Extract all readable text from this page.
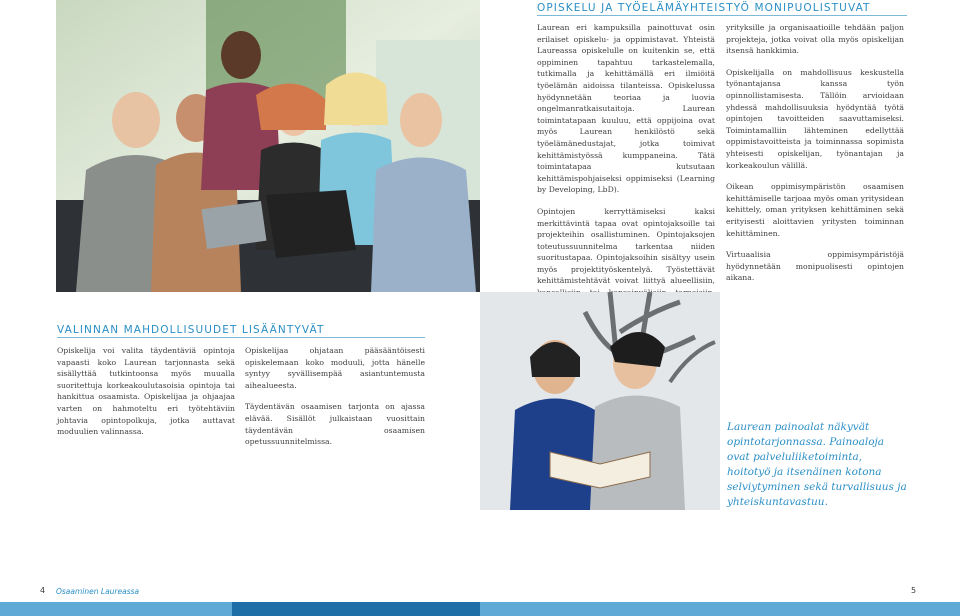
OPISKELU JA TYÖELÄMÄYHTEISTYÖ MONIPUOLISTUVAT

Laurean eri kampuksilla painottuvat osin erilaiset opiskelu- ja oppimistavat. Yhteistä Laureassa opiskelulle on kuitenkin se, että oppiminen tapahtuu tarkastelemalla, tutkimalla ja kehittämällä eri ilmiöitä työelämän aidoissa tilanteissa. Opiskelussa hyödynnetään teoriaa ja luovia ongelmanratkaisutaitoja. Laurean toimintatapaan kuuluu, että oppijoina ovat myös Laurean henkilöstö sekä työelämänedustajat, jotka toimivat kehittämistyössä kumppaneina. Tätä toimintatapaa kutsutaan kehittämispohjaiseksi oppimiseksi (Learning by Developing, LbD).

Opintojen kerryttämiseksi kaksi merkittävintä tapaa ovat opintojaksoille tai projekteihin osallistuminen. Opintojaksojen toteutussuunnitelma tarkentaa niiden suoritustapaa. Opintojaksoihin sisältyy usein myös projektityöskentelyä. Työstettävät kehittämistehtävät voivat liittyä alueellisiin,

yrityksille ja organisaatioille tehdään paljon projekteja, jotka voivat olla myös opiskelijan itsensä hankkimia.

Opiskelijalla on mahdollisuus keskustella työnantajansa kanssa työn opinnollistamisesta. Tällöin arvioidaan yhdessä mahdollisuuksia hyödyntää työtä opintojen tavoitteiden saavuttamiseksi. Toimintamalliin lähteminen edellyttää oppimistavoitteista ja toiminnassa sopimista yhteisesti opiskelijan, työnantajan ja korkeakoulun välillä.

Oikean oppimisympäristön osaamisen kehittämiselle tarjoaa myös oman yritysidean kehittely, oman yrityksen kehittäminen sekä erityisesti aloittavien yritysten toiminnan kehittäminen.

Virtuaalisia oppimisympäristöjä hyödynnetään monipuolisesti opintojen aikana.

VALINNAN MAHDOLLISUUDET LISÄÄNTYVÄT

Opiskelija voi valita täydentäviä opintoja vapaasti koko Laurean tarjonnasta sekä sisällyttää tutkintoonsa myös muualla suoritettuja korkeakoulutasoisia opintoja tai hankittua osaamista. Opiskelijaa ja ohjaajaa varten on hahmoteltu eri työtehtäviin johtavia opintopolkuja, jotka auttavat moduulien valinnassa.

Opiskelijaa ohjataan pääsääntöisesti opiskelemaan koko moduuli, jotta hänelle syntyy syvällisempää asiantuntemusta aihealueesta.

Täydentävän osaamisen tarjonta on ajassa elävää. Sisällöt julkaistaan vuosittain täydentävän osaamisen opetussuunnitelmissa.

Laurean painoalat näkyvät
opintotarjonnassa. Painoaloja
ovat palveluliiketoiminta,
hoitotyö ja itsenäinen kotona
selviytyminen sekä turvallisuus ja
yhteiskuntavastuu.
4 Osaaminen Laureassa	5
